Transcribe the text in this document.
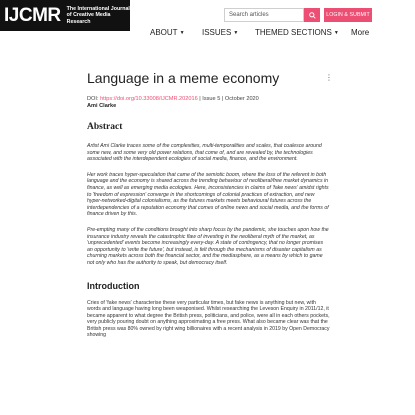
IJCMR The International Journal
of Creative Media Research
Search articles	LOGIN & SUBMIT
ABOUT ▼ ISSUES ▼ THEMED SECTIONS ▼ More
⋮
Language in a meme economy
DOI: https://doi.org/10.33008/IJCMR.202016 | Issue 5 | October 2020
Ami Clarke
Abstract

Artist Ami Clarke traces some of the complexities, multi-temporalities and scales, that coalesce around some new, and some very old power relations, that come of, and are revealed by, the technologies associated with the interdependent ecologies of social media, finance, and the environment.

Her work traces hyper-speculation that came of the semiotic boom, where the loss of the referent in both language and the economy is shared across the trending behaviour of neoliberal/free market dynamics in finance, as well as emerging media ecologies. Here, inconsistencies in claims of 'fake news' amidst rights to 'freedom of expression' converge in the shortcomings of colonial practices of extraction, and new hyper-networked-digital colonialisms, as the futures markets meets behavioural futures across the interdependencies of a reputation economy that comes of online news and social media, and the forms of finance driven by this.

Pre-empting many of the conditions brought into sharp focus by the pandemic, she touches upon how the insurance industry reveals the catastrophic flaw of investing in the neoliberal myth of the market, as 'unprecedented' events become increasingly every-day. A state of contingency, that no longer promises an opportunity to 'write the future', but instead, is felt through the mechanisms of disaster capitalism as churning markets across both the financial sector, and the mediasphere, as a means by which to game not only who has the authority to speak, but democracy itself.

Introduction

Cries of 'fake news' characterise these very particular times, but fake news is anything but new, with words and language having long been weaponised. Whilst researching the Leveson Enquiry in 2011/12, it became apparent to what degree the British press, politicians, and police, were all in each others pockets, very publicly pouring doubt on anything approximating a free press. What also became clear was that the British press was 80% owned by right wing billionaires with a recent analysis in 2019 by Open Democracy showing
